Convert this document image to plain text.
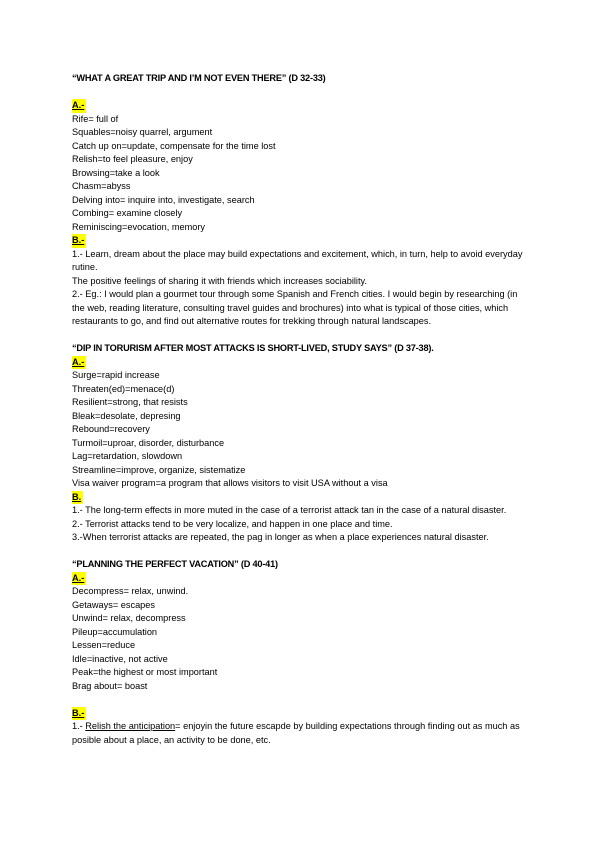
“WHAT A GREAT TRIP AND I’M NOT EVEN THERE” (D 32-33)
A.-
Rife= full of
Squables=noisy quarrel, argument
Catch up on=update, compensate for the time lost
Relish=to feel pleasure, enjoy
Browsing=take a look
Chasm=abyss
Delving into= inquire into, investigate, search
Combing= examine closely
Reminiscing=evocation, memory
B.-
1.- Learn, dream about the place may build expectations and excitement, which, in turn, help to avoid everyday rutine.
The positive feelings of sharing it with friends which increases sociability.
2.- Eg.: I would plan a gourmet tour through some Spanish and French cities. I would begin by researching (in the web, reading literature, consulting travel guides and brochures) into what is typical of those cities, which restaurants to go, and find out alternative routes for trekking through natural landscapes.
“DIP IN TORURISM AFTER MOST ATTACKS IS SHORT-LIVED, STUDY SAYS” (D 37-38).
A.-
Surge=rapid increase
Threaten(ed)=menace(d)
Resilient=strong, that resists
Bleak=desolate, depresing
Rebound=recovery
Turmoil=uproar, disorder, disturbance
Lag=retardation, slowdown
Streamline=improve, organize, sistematize
Visa waiver program=a program that allows visitors to visit USA without a visa
B.
1.- The long-term effects in more muted in the case of a terrorist attack tan in the case of a natural disaster.
2.- Terrorist attacks tend to be very localize, and happen in one place and time.
3.-When terrorist attacks are repeated, the pag in longer as when a place experiences natural disaster.
“PLANNING THE PERFECT VACATION” (D 40-41)
A.-
Decompress= relax, unwind.
Getaways= escapes
Unwind= relax, decompress
Pileup=accumulation
Lessen=reduce
Idle=inactive, not active
Peak=the highest or most important
Brag about= boast
B.-
1.- Relish the anticipation= enjoyin the future escapde by building expectations through finding out as much as posible about a place, an activity to be done, etc.
